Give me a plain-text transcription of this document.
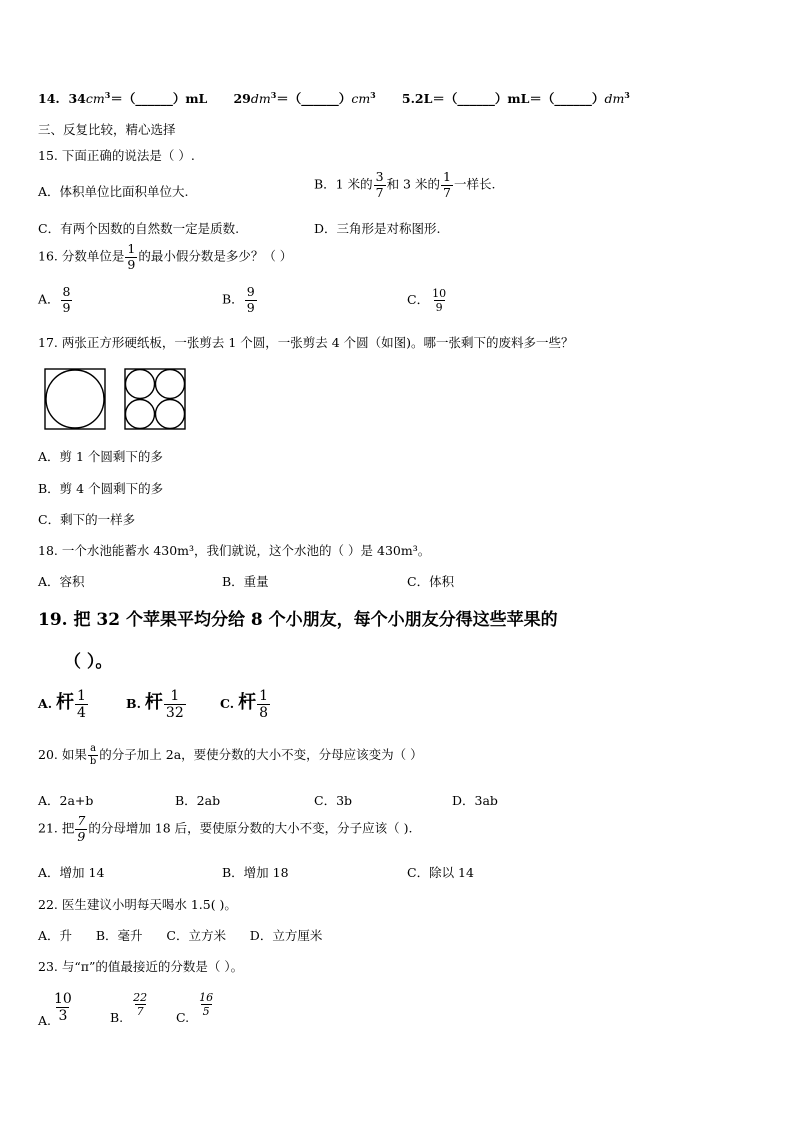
14. $34cm^3=(\_\_\_\_\_\_)mL$ $29dm^3=(\_\_\_\_\_\_)cm^3$ $5.2L=(\_\_\_\_\_\_)mL=(\_\_\_\_\_\_)dm^3$
三、反复比较，精心选择
15. 下面正确的说法是（ ）.
A．体积单位比面积单位大.	B．1 米的 $\frac{3}{7}$ 和 3 米的 $\frac{1}{7}$ 一样长.
C．有两个因数的自然数一定是质数.	D．三角形是对称图形.
16. 分数单位是 $\frac{1}{9}$ 的最小假分数是多少？（ ）
A． $\frac{8}{9}$	B． $\frac{9}{9}$	C． $\frac{10}{9}$
17. 两张正方形硬纸板，一张剪去 1 个圆，一张剪去 4 个圆（如图)。哪一张剩下的废料多一些？
A．剪 1 个圆剩下的多
B．剪 4 个圆剩下的多
C．剩下的一样多
18. 一个水池能蓄水 430m³，我们就说，这个水池的（ ）是 430m³。
A．容积	B．重量	C．体积
19. 把 32 个苹果平均分给 8 个小朋友，每个小朋友分得这些苹果的
（ ）。
A. 杆 $\frac{1}{4}$	B. 杆 $\frac{1}{32}$	C. 杆 $\frac{1}{8}$
20. 如果 $\frac{a}{b}$ 的分子加上 2a，要使分数的大小不变，分母应该变为（ ）
A．2a+b	B．2ab	C．3b	D．3ab
21. 把 $\frac{7}{9}$ 的分母增加 18 后，要使原分数的大小不变，分子应该（ ).
A．增加 14	B．增加 18	C．除以 14
22. 医生建议小明每天喝水 1.5( )。
A．升      B．毫升      C．立方米      D．立方厘米
23. 与“π”的值最接近的分数是（ ）。
A. $\frac{10}{3}$	B.
$\frac{22}{7}$
C.
$\frac{16}{5}$
